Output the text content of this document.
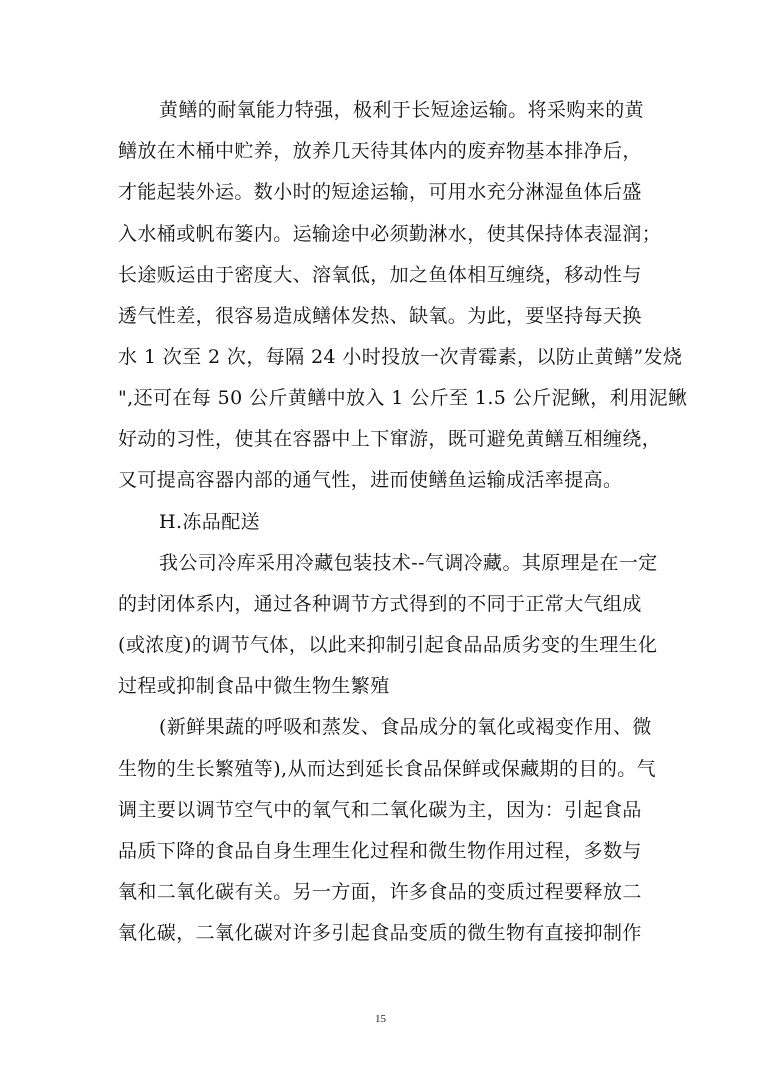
黄鳝的耐氧能力特强，极利于长短途运输。将采购来的黄

鳝放在木桶中贮养，放养几天待其体内的废弃物基本排净后，

才能起装外运。数小时的短途运输，可用水充分淋湿鱼体后盛

入水桶或帆布篓内。运输途中必须勤淋水，使其保持体表湿润；

长途贩运由于密度大、溶氧低，加之鱼体相互缠绕，移动性与

透气性差，很容易造成鳝体发热、缺氧。为此，要坚持每天换

水 1 次至 2 次，每隔 24 小时投放一次青霉素，以防止黄鳝”发烧

",还可在每 50 公斤黄鳝中放入 1 公斤至 1.5 公斤泥鳅，利用泥鳅

好动的习性，使其在容器中上下窜游，既可避免黄鳝互相缠绕，

又可提高容器内部的通气性，进而使鳝鱼运输成活率提高。

H.冻品配送

我公司冷库采用冷藏包装技术--气调冷藏。其原理是在一定

的封闭体系内，通过各种调节方式得到的不同于正常大气组成

(或浓度)的调节气体，以此来抑制引起食品品质劣变的生理生化

过程或抑制食品中微生物生繁殖

(新鲜果蔬的呼吸和蒸发、食品成分的氧化或褐变作用、微

生物的生长繁殖等),从而达到延长食品保鲜或保藏期的目的。气

调主要以调节空气中的氧气和二氧化碳为主，因为：引起食品

品质下降的食品自身生理生化过程和微生物作用过程，多数与

氧和二氧化碳有关。另一方面，许多食品的变质过程要释放二

氧化碳，二氧化碳对许多引起食品变质的微生物有直接抑制作

15
